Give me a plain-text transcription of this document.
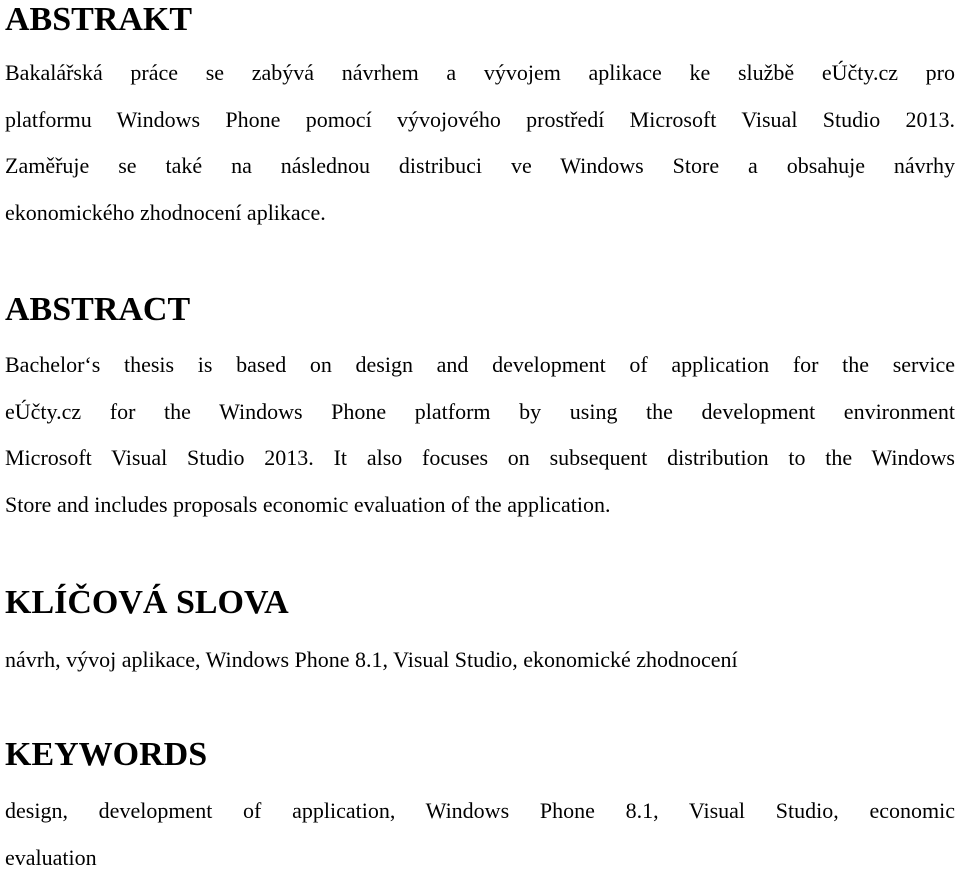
ABSTRAKT
Bakalářská práce se zabývá návrhem a vývojem aplikace ke službě eÚčty.cz pro
platformu Windows Phone pomocí vývojového prostředí Microsoft Visual Studio 2013.
Zaměřuje se také na následnou distribuci ve Windows Store a obsahuje návrhy
ekonomického zhodnocení aplikace.
ABSTRACT
Bachelor‘s thesis is based on design and development of application for the service
eÚčty.cz for the Windows Phone platform by using the development environment
Microsoft Visual Studio 2013. It also focuses on subsequent distribution to the Windows
Store and includes proposals economic evaluation of the application.
KLÍČOVÁ SLOVA
návrh, vývoj aplikace, Windows Phone 8.1, Visual Studio, ekonomické zhodnocení
KEYWORDS
design, development of application, Windows Phone 8.1, Visual Studio, economic
evaluation
